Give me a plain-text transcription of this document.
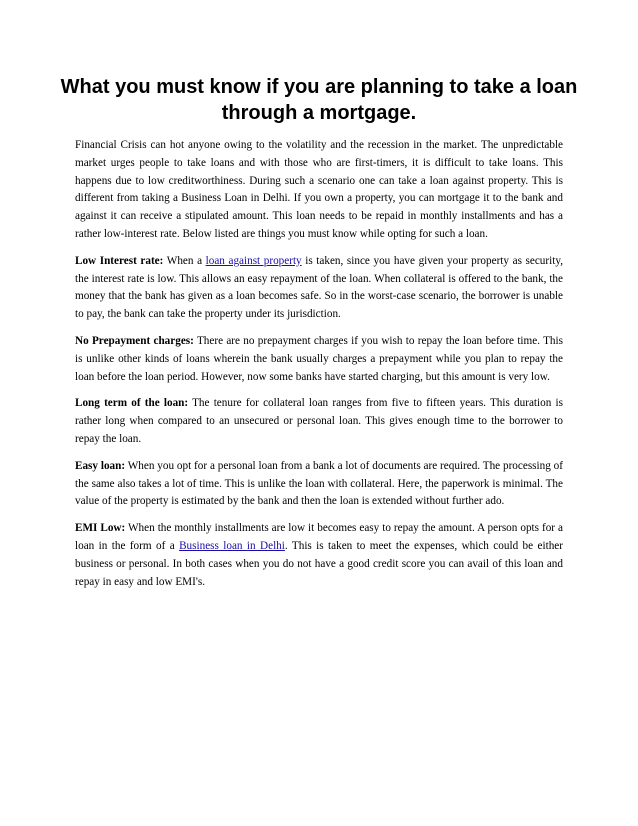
What you must know if you are planning to take a loan through a mortgage.

Financial Crisis can hot anyone owing to the volatility and the recession in the market. The unpredictable market urges people to take loans and with those who are first-timers, it is difficult to take loans. This happens due to low creditworthiness. During such a scenario one can take a loan against property. This is different from taking a Business Loan in Delhi. If you own a property, you can mortgage it to the bank and against it can receive a stipulated amount. This loan needs to be repaid in monthly installments and has a rather low-interest rate. Below listed are things you must know while opting for such a loan.

Low Interest rate: When a loan against property is taken, since you have given your property as security, the interest rate is low. This allows an easy repayment of the loan. When collateral is offered to the bank, the money that the bank has given as a loan becomes safe. So in the worst-case scenario, the borrower is unable to pay, the bank can take the property under its jurisdiction.

No Prepayment charges: There are no prepayment charges if you wish to repay the loan before time. This is unlike other kinds of loans wherein the bank usually charges a prepayment while you plan to repay the loan before the loan period. However, now some banks have started charging, but this amount is very low.

Long term of the loan: The tenure for collateral loan ranges from five to fifteen years. This duration is rather long when compared to an unsecured or personal loan. This gives enough time to the borrower to repay the loan.

Easy loan: When you opt for a personal loan from a bank a lot of documents are required. The processing of the same also takes a lot of time. This is unlike the loan with collateral. Here, the paperwork is minimal. The value of the property is estimated by the bank and then the loan is extended without further ado.

EMI Low: When the monthly installments are low it becomes easy to repay the amount. A person opts for a loan in the form of a Business loan in Delhi. This is taken to meet the expenses, which could be either business or personal. In both cases when you do not have a good credit score you can avail of this loan and repay in easy and low EMI's.
